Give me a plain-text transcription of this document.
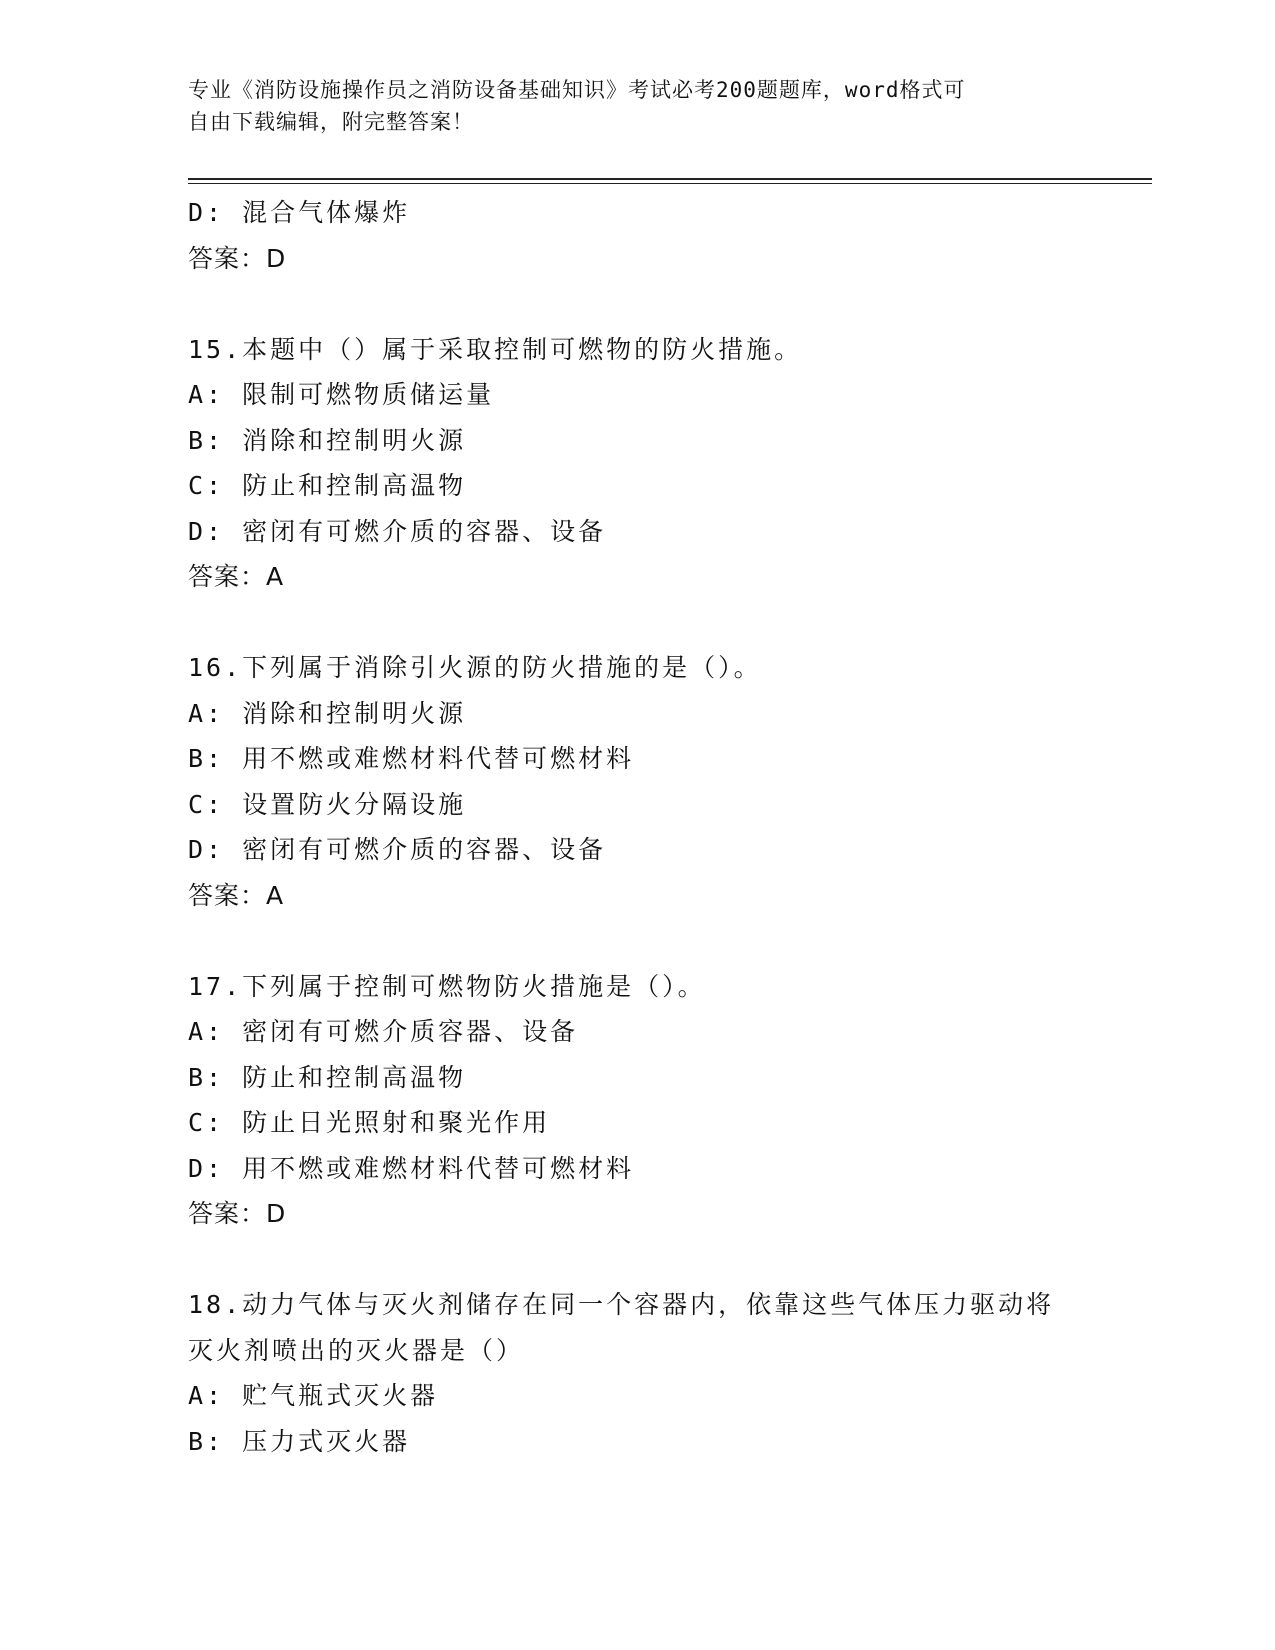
专业《消防设施操作员之消防设备基础知识》考试必考200题题库，word格式可
自由下载编辑，附完整答案！
D: 混合气体爆炸
答案：D
15.本题中（）属于采取控制可燃物的防火措施。
A: 限制可燃物质储运量
B: 消除和控制明火源
C: 防止和控制高温物
D: 密闭有可燃介质的容器、设备
答案：A
16.下列属于消除引火源的防火措施的是（）。
A: 消除和控制明火源
B: 用不燃或难燃材料代替可燃材料
C: 设置防火分隔设施
D: 密闭有可燃介质的容器、设备
答案：A
17.下列属于控制可燃物防火措施是（）。
A: 密闭有可燃介质容器、设备
B: 防止和控制高温物
C: 防止日光照射和聚光作用
D: 用不燃或难燃材料代替可燃材料
答案：D
18.动力气体与灭火剂储存在同一个容器内，依靠这些气体压力驱动将
灭火剂喷出的灭火器是（）
A: 贮气瓶式灭火器
B: 压力式灭火器
